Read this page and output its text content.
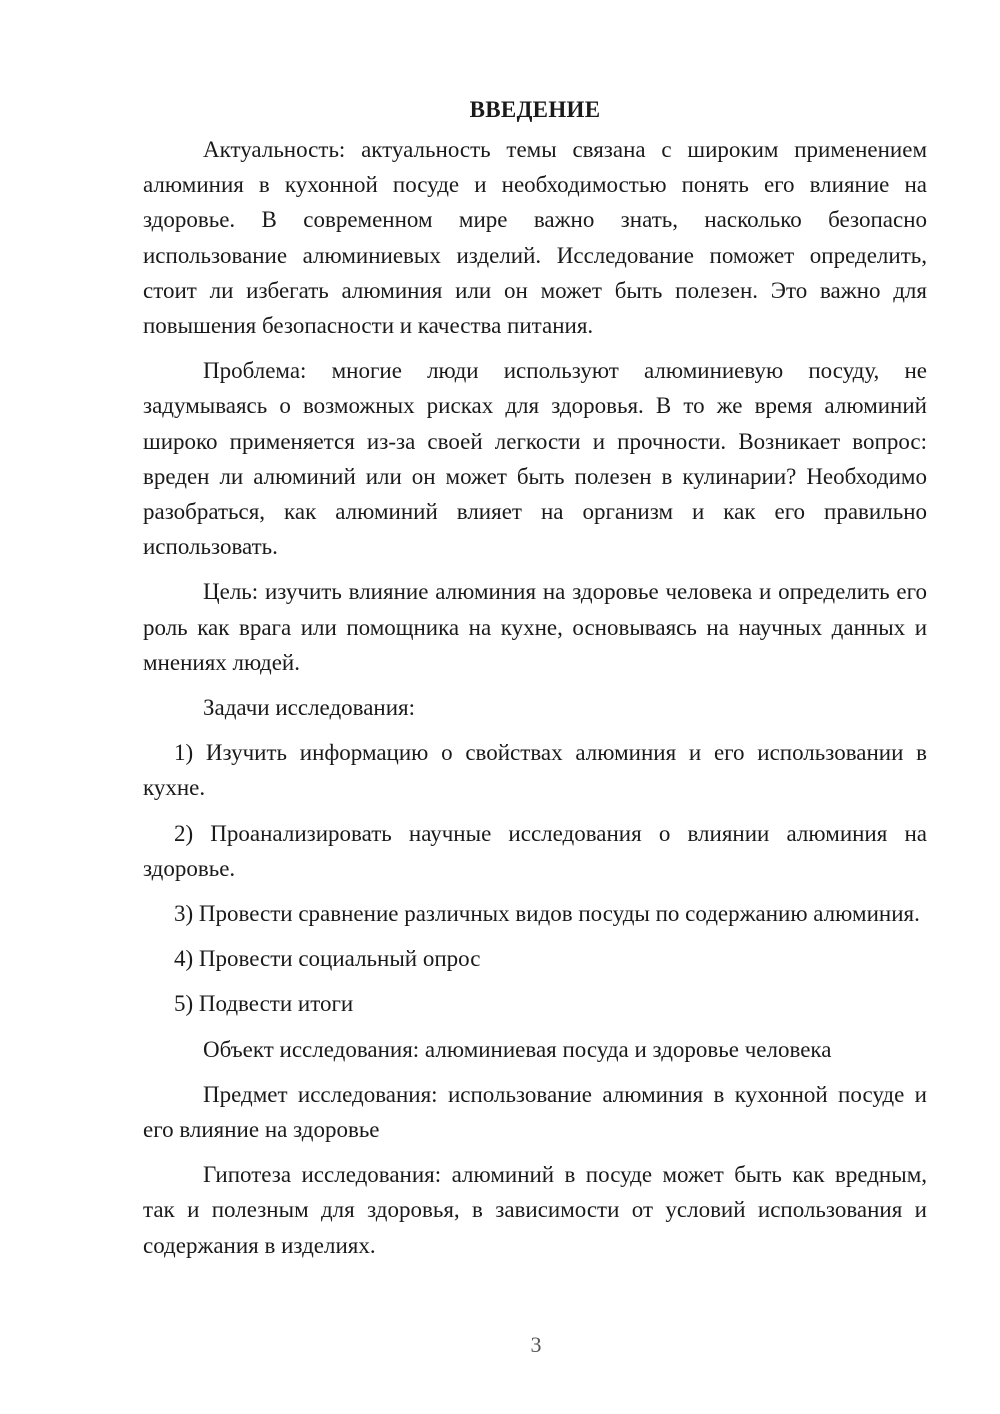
ВВЕДЕНИЕ

Актуальность: актуальность темы связана с широким применением алюминия в кухонной посуде и необходимостью понять его влияние на здоровье. В современном мире важно знать, насколько безопасно использование алюминиевых изделий. Исследование поможет определить, стоит ли избегать алюминия или он может быть полезен. Это важно для повышения безопасности и качества питания.

Проблема: многие люди используют алюминиевую посуду, не задумываясь о возможных рисках для здоровья. В то же время алюминий широко применяется из-за своей легкости и прочности. Возникает вопрос: вреден ли алюминий или он может быть полезен в кулинарии? Необходимо разобраться, как алюминий влияет на организм и как его правильно использовать.

Цель: изучить влияние алюминия на здоровье человека и определить его роль как врага или помощника на кухне, основываясь на научных данных и мнениях людей.

Задачи исследования:

1) Изучить информацию о свойствах алюминия и его использовании в кухне.

2) Проанализировать научные исследования о влиянии алюминия на здоровье.

3) Провести сравнение различных видов посуды по содержанию алюминия.

4) Провести социальный опрос

5) Подвести итоги

Объект исследования: алюминиевая посуда и здоровье человека

Предмет исследования: использование алюминия в кухонной посуде и его влияние на здоровье

Гипотеза исследования: алюминий в посуде может быть как вредным, так и полезным для здоровья, в зависимости от условий использования и содержания в изделиях.

3
